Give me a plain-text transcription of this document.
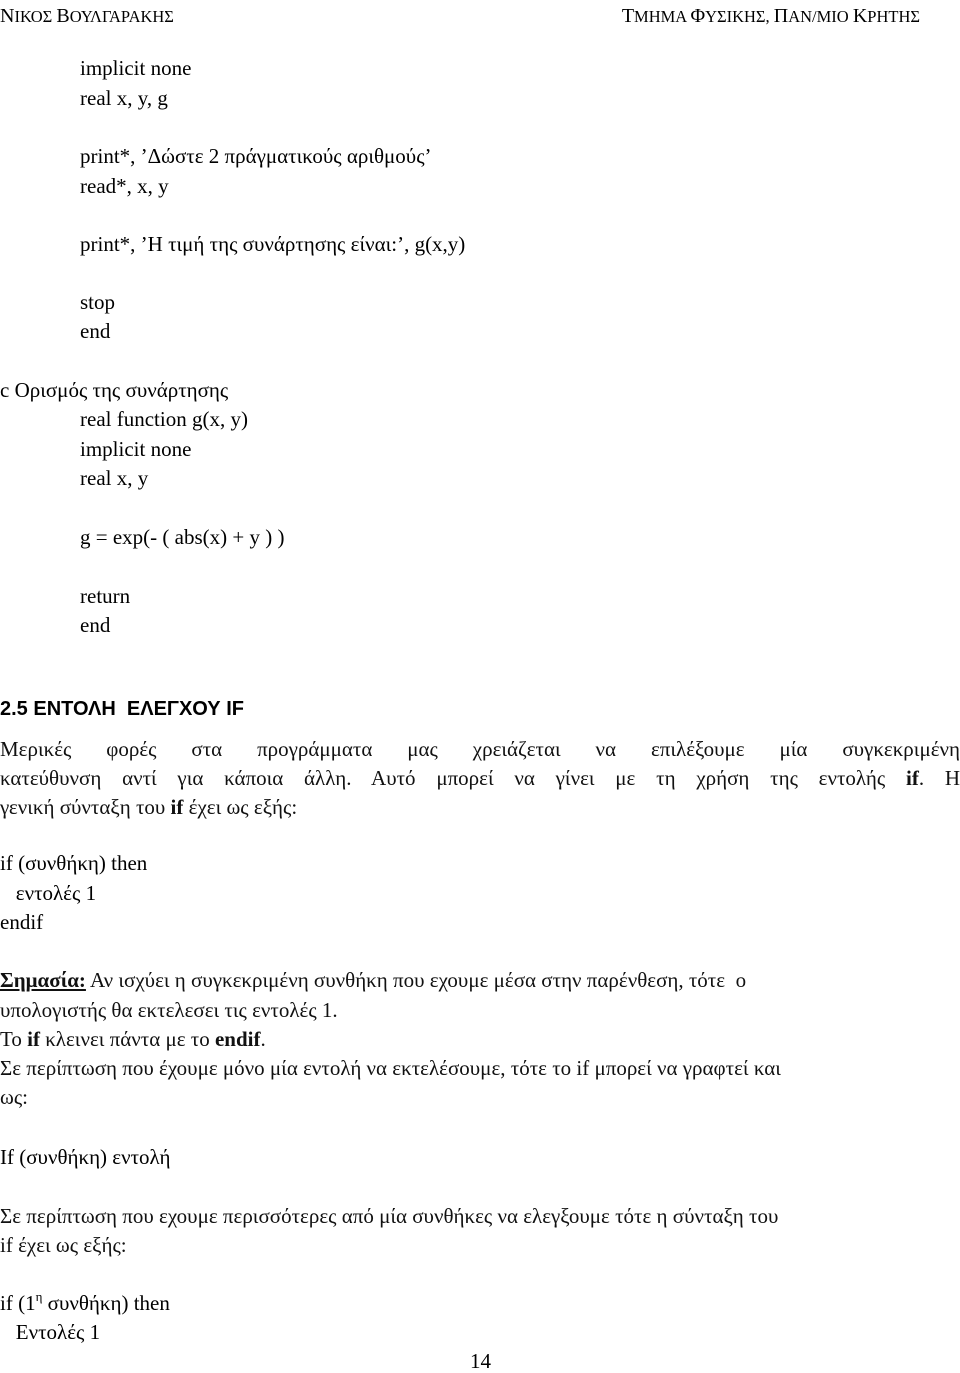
ΝΙΚΟΣ ΒΟΥΛΓΑΡΑΚΗΣ	ΤΜΗΜΑ ΦΥΣΙΚΗΣ, ΠΑΝ/ΜΙΟ ΚΡΗΤΗΣ
implicit none
real x, y, g
print*, ’Δώστε 2 πράγματικούς αριθμούς’
read*, x, y
print*, ’Η τιμή της συνάρτησης είναι:’, g(x,y)
stop
end
c Ορισμός της συνάρτησης
real function g(x, y)
implicit none
real x, y
g = exp(- ( abs(x) + y ) )
return
end
2.5 ΕΝΤΟΛΗ  ΕΛΕΓΧΟΥ IF
Μερικές φορές στα προγράμματα μας χρειάζεται να επιλέξουμε μία συγκεκριμένη
κατεύθυνση αντί για κάποια άλλη. Αυτό μπορεί να γίνει με τη χρήση της εντολής if. Η
γενική σύνταξη του if έχει ως εξής:
if (συνθήκη) then
εντολές 1
endif
Σημασία: Αν ισχύει η συγκεκριμένη συνθήκη που εχουμε μέσα στην παρένθεση, τότε  ο
υπολογιστής θα εκτελεσει τις εντολές 1.
Το if κλεινει πάντα με το endif.
Σε περίπτωση που έχουμε μόνο μία εντολή να εκτελέσουμε, τότε το if μπορεί να γραφτεί και
ως:
If (συνθήκη) εντολή
Σε περίπτωση που εχουμε περισσότερες από μία συνθήκες να ελεγξουμε τότε η σύνταξη του
if έχει ως εξής:
if ($1^\eta$ συνθήκη) then
Εντολές 1
14
